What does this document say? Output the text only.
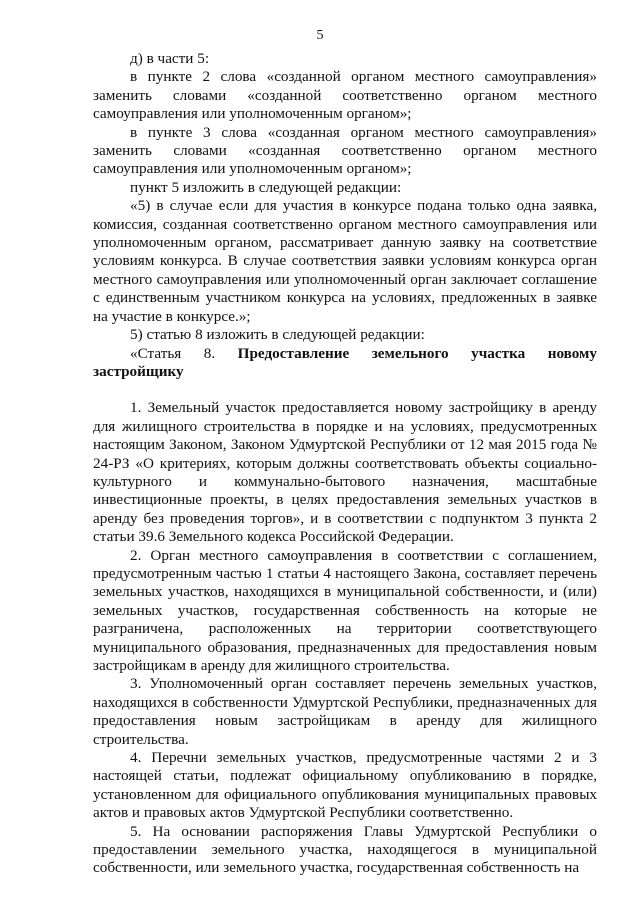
5

д) в части 5:

в пункте 2 слова «созданной органом местного самоуправления» заменить словами «созданной соответственно органом местного самоуправления или уполномоченным органом»;

в пункте 3 слова «созданная органом местного самоуправления» заменить словами «созданная соответственно органом местного самоуправления или уполномоченным органом»;

пункт 5 изложить в следующей редакции:

«5) в случае если для участия в конкурсе подана только одна заявка, комиссия, созданная соответственно органом местного самоуправления или уполномоченным органом, рассматривает данную заявку на соответствие условиям конкурса. В случае соответствия заявки условиям конкурса орган местного самоуправления или уполномоченный орган заключает соглашение с единственным участником конкурса на условиях, предложенных в заявке на участие в конкурсе.»;

5) статью 8 изложить в следующей редакции:

«Статья 8. Предоставление земельного участка новому застройщику

1. Земельный участок предоставляется новому застройщику в аренду для жилищного строительства в порядке и на условиях, предусмотренных настоящим Законом, Законом Удмуртской Республики от 12 мая 2015 года № 24-РЗ «О критериях, которым должны соответствовать объекты социально-культурного и коммунально-бытового назначения, масштабные инвестиционные проекты, в целях предоставления земельных участков в аренду без проведения торгов», и в соответствии с подпунктом 3 пункта 2 статьи 39.6 Земельного кодекса Российской Федерации.

2. Орган местного самоуправления в соответствии с соглашением, предусмотренным частью 1 статьи 4 настоящего Закона, составляет перечень земельных участков, находящихся в муниципальной собственности, и (или) земельных участков, государственная собственность на которые не разграничена, расположенных на территории соответствующего муниципального образования, предназначенных для предоставления новым застройщикам в аренду для жилищного строительства.

3. Уполномоченный орган составляет перечень земельных участков, находящихся в собственности Удмуртской Республики, предназначенных для предоставления новым застройщикам в аренду для жилищного строительства.

4. Перечни земельных участков, предусмотренные частями 2 и 3 настоящей статьи, подлежат официальному опубликованию в порядке, установленном для официального опубликования муниципальных правовых актов и правовых актов Удмуртской Республики соответственно.

5. На основании распоряжения Главы Удмуртской Республики о предоставлении земельного участка, находящегося в муниципальной собственности, или земельного участка, государственная собственность на
